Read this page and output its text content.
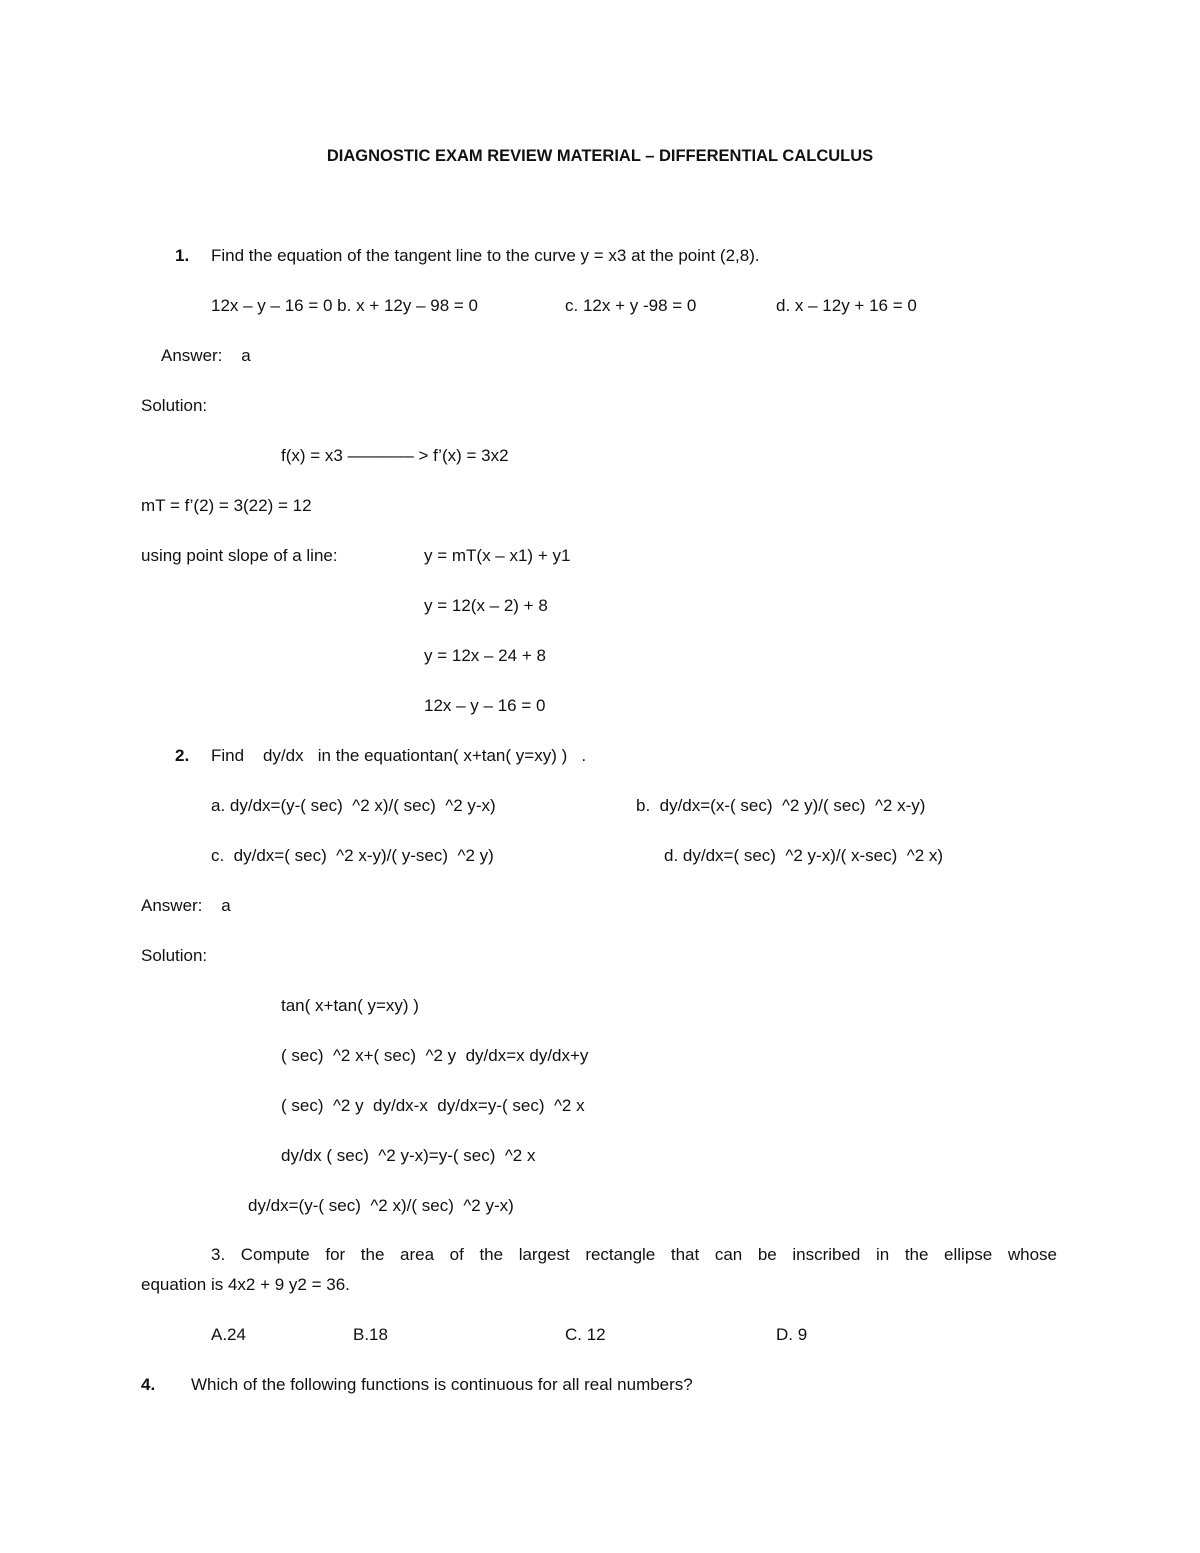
DIAGNOSTIC EXAM REVIEW MATERIAL – DIFFERENTIAL CALCULUS
1. Find the equation of the tangent line to the curve y = x3 at the point (2,8).
12x – y – 16 = 0 b. x + 12y – 98 = 0	c. 12x + y -98 = 0	d. x – 12y + 16 = 0
Answer:    a
Solution:
f(x) = x3 ––––––– > f’(x) = 3x2
mT = f’(2) = 3(22) = 12
using point slope of a line:	y = mT(x – x1) + y1
y = 12(x – 2) + 8
y = 12x – 24 + 8
12x – y – 16 = 0
2. Find    dy/dx   in the equationtan⁡( x+tan⁡( y=xy)⁡ )⁡   .
a. dy/dx=(y-(⁡ sec)⁡  ^2 x)/(⁡ sec)⁡  ^2 y-x)	b.  dy/dx=(x-(⁡ sec)⁡  ^2 y)/(⁡ sec)⁡  ^2 x-y)
c.  dy/dx=(⁡ sec)⁡  ^2 x-y)/(⁡ y-sec)⁡  ^2 y)	d. dy/dx=(⁡ sec)⁡  ^2 y-x)/(⁡ x-sec)⁡  ^2 x)
Answer:    a
Solution:
tan⁡( x+tan⁡( y=xy)⁡ )⁡
(⁡ sec)⁡  ^2 x+(⁡ sec)⁡  ^2 y  dy/dx=x dy/dx+y
(⁡ sec)⁡  ^2 y  dy/dx-x  dy/dx=y-(⁡ sec)⁡  ^2 x
dy/dx (⁡ sec)⁡  ^2 y-x)=y-(⁡ sec)⁡  ^2 x
dy/dx=(y-(⁡ sec)⁡  ^2 x)/(⁡ sec)⁡  ^2 y-x)
3. Compute for the area of the largest rectangle that can be inscribed in the ellipse whose
equation is 4x2 + 9 y2 = 36.
A.24	B.18	C. 12	D. 9
4. Which of the following functions is continuous for all real numbers?
